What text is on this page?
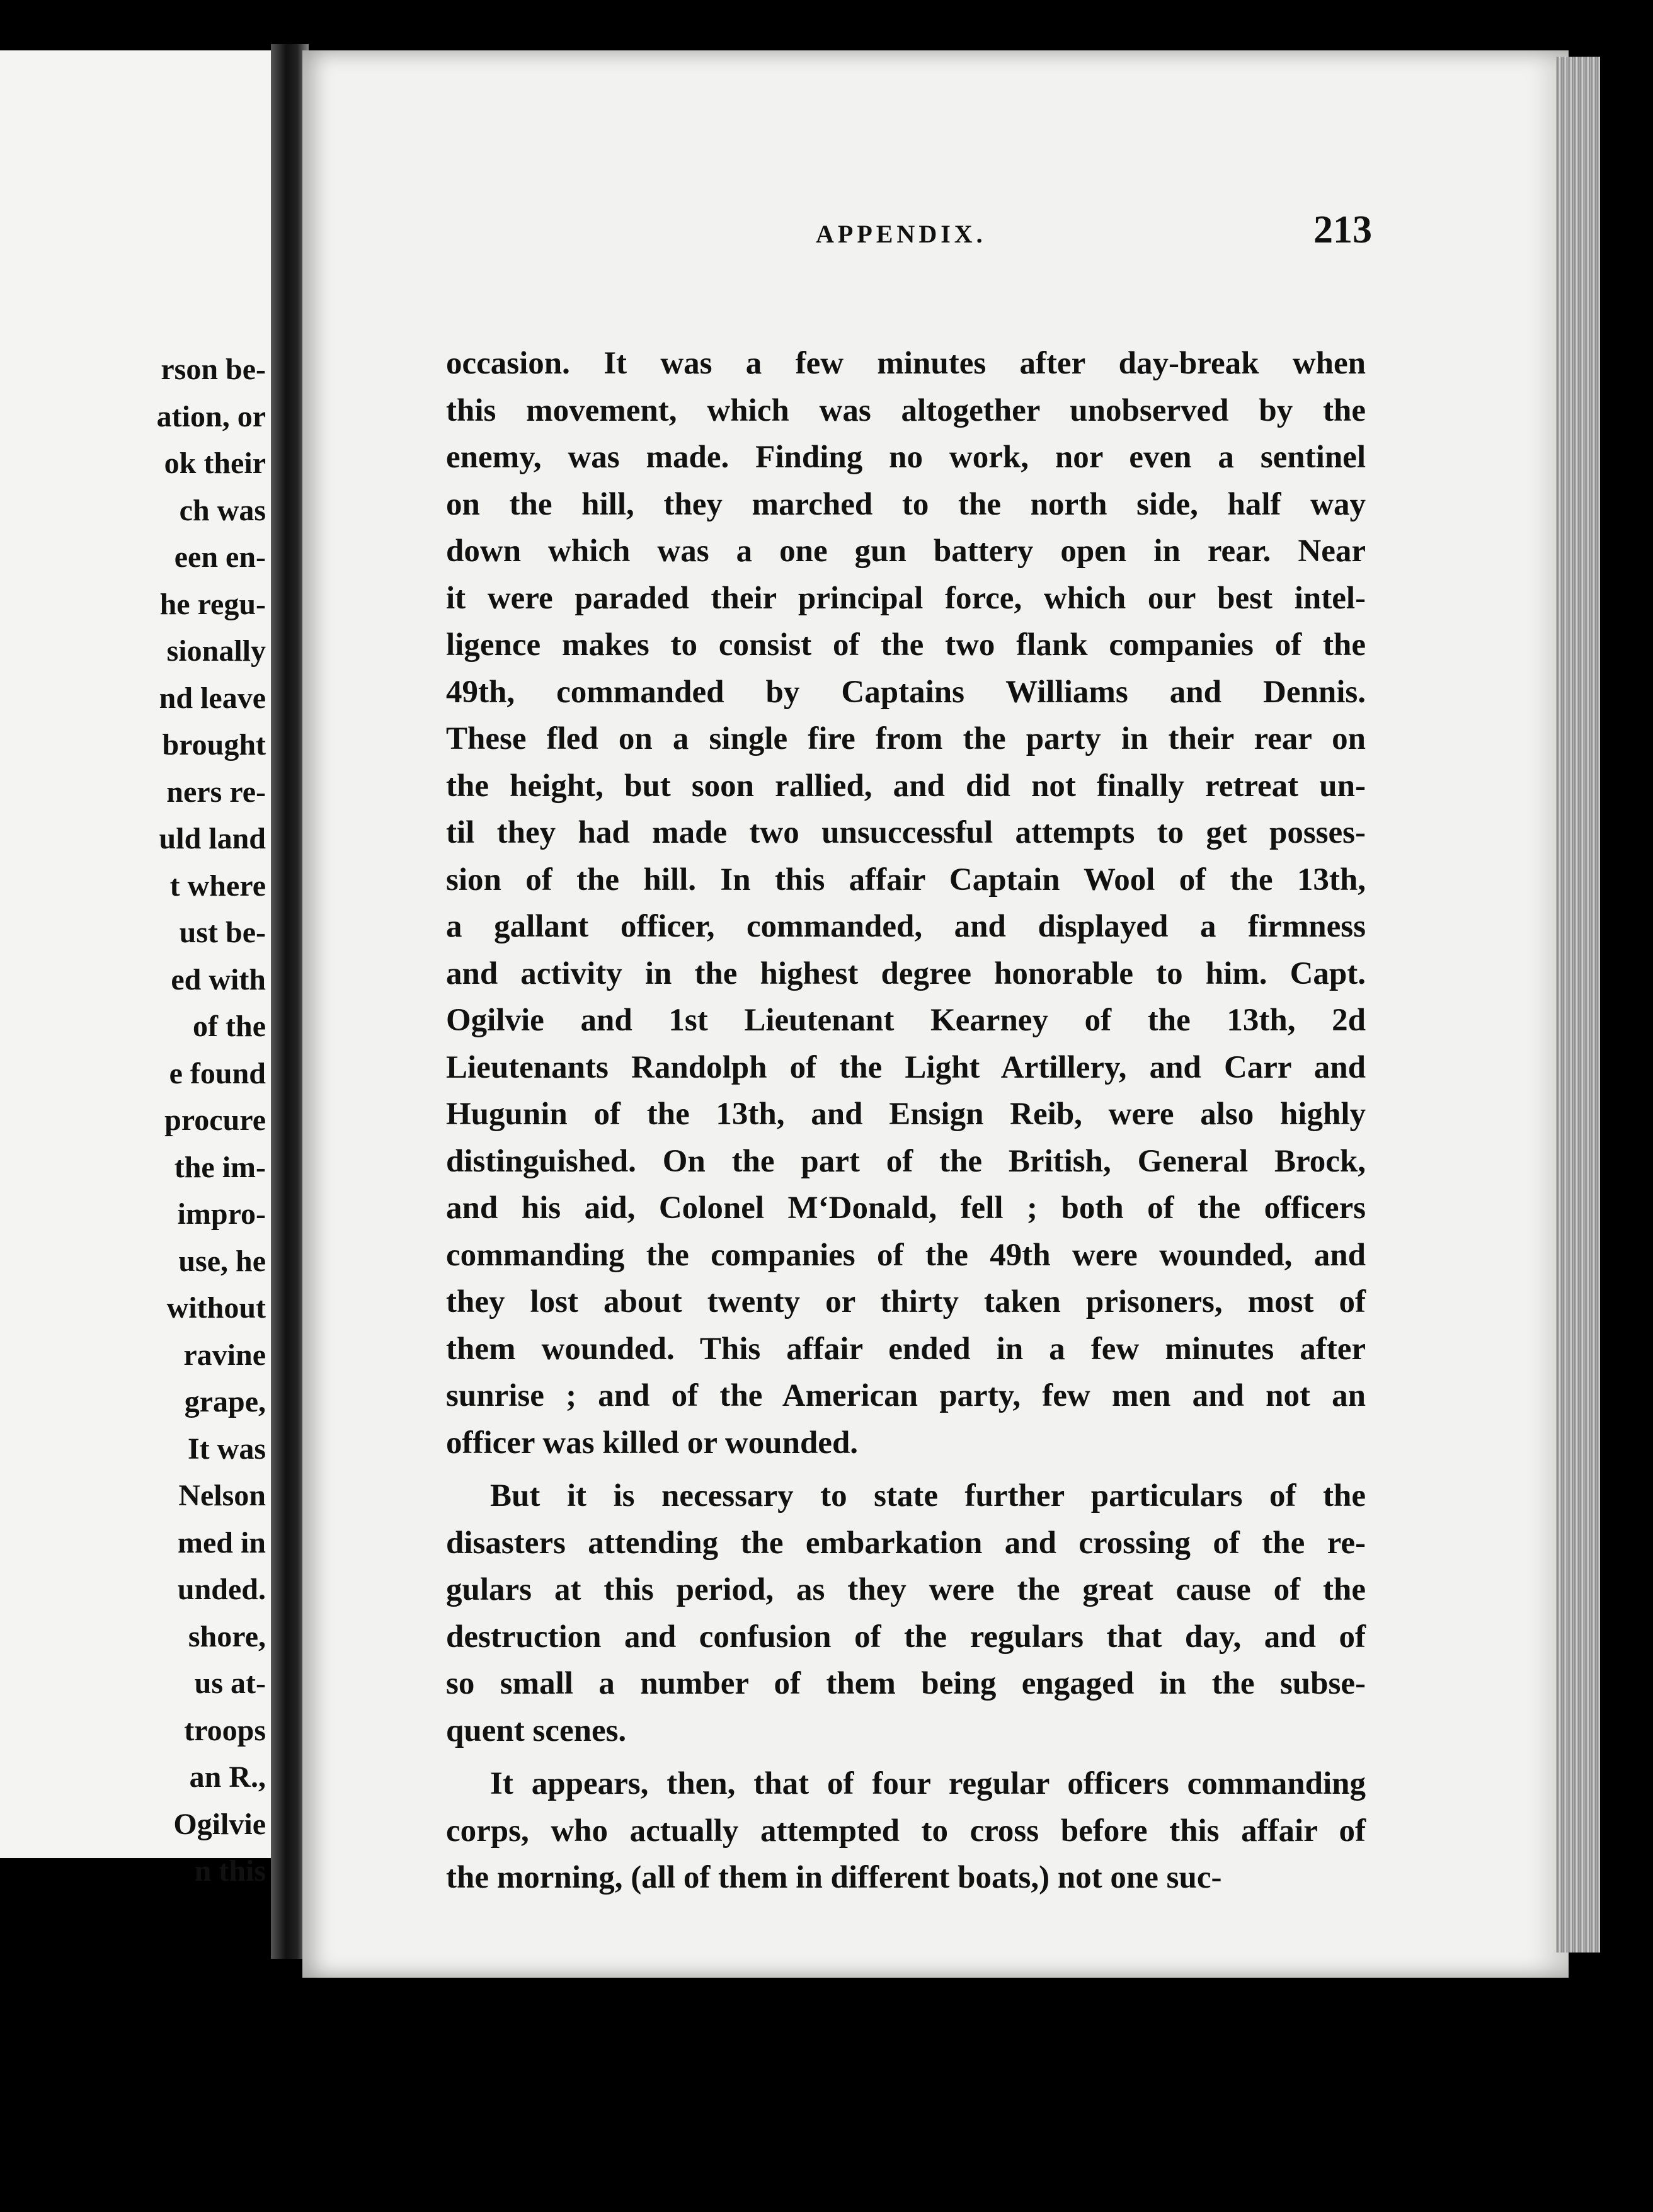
rson be-
ation, or
ok their
ch was
een en-
he regu-
sionally
nd leave
brought
ners re-
uld land
t where
ust be-
ed with
of the
e found
procure
the im-
impro-
use, he
without
ravine
grape,
It was
Nelson
med in
unded.
shore,
us at-
troops
an R.,
Ogilvie
n this
APPENDIX.	213
occasion. It was a few minutes after day-break when
this movement, which was altogether unobserved by the
enemy, was made. Finding no work, nor even a sentinel
on the hill, they marched to the north side, half way
down which was a one gun battery open in rear. Near
it were paraded their principal force, which our best intel-
ligence makes to consist of the two flank companies of the
49th, commanded by Captains Williams and Dennis.
These fled on a single fire from the party in their rear on
the height, but soon rallied, and did not finally retreat un-
til they had made two unsuccessful attempts to get posses-
sion of the hill. In this affair Captain Wool of the 13th,
a gallant officer, commanded, and displayed a firmness
and activity in the highest degree honorable to him. Capt.
Ogilvie and 1st Lieutenant Kearney of the 13th, 2d
Lieutenants Randolph of the Light Artillery, and Carr and
Hugunin of the 13th, and Ensign Reib, were also highly
distinguished. On the part of the British, General Brock,
and his aid, Colonel M‘Donald, fell ; both of the officers
commanding the companies of the 49th were wounded, and
they lost about twenty or thirty taken prisoners, most of
them wounded. This affair ended in a few minutes after
sunrise ; and of the American party, few men and not an
officer was killed or wounded.
But it is necessary to state further particulars of the
disasters attending the embarkation and crossing of the re-
gulars at this period, as they were the great cause of the
destruction and confusion of the regulars that day, and of
so small a number of them being engaged in the subse-
quent scenes.
It appears, then, that of four regular officers commanding
corps, who actually attempted to cross before this affair of
the morning, (all of them in different boats,) not one suc-
